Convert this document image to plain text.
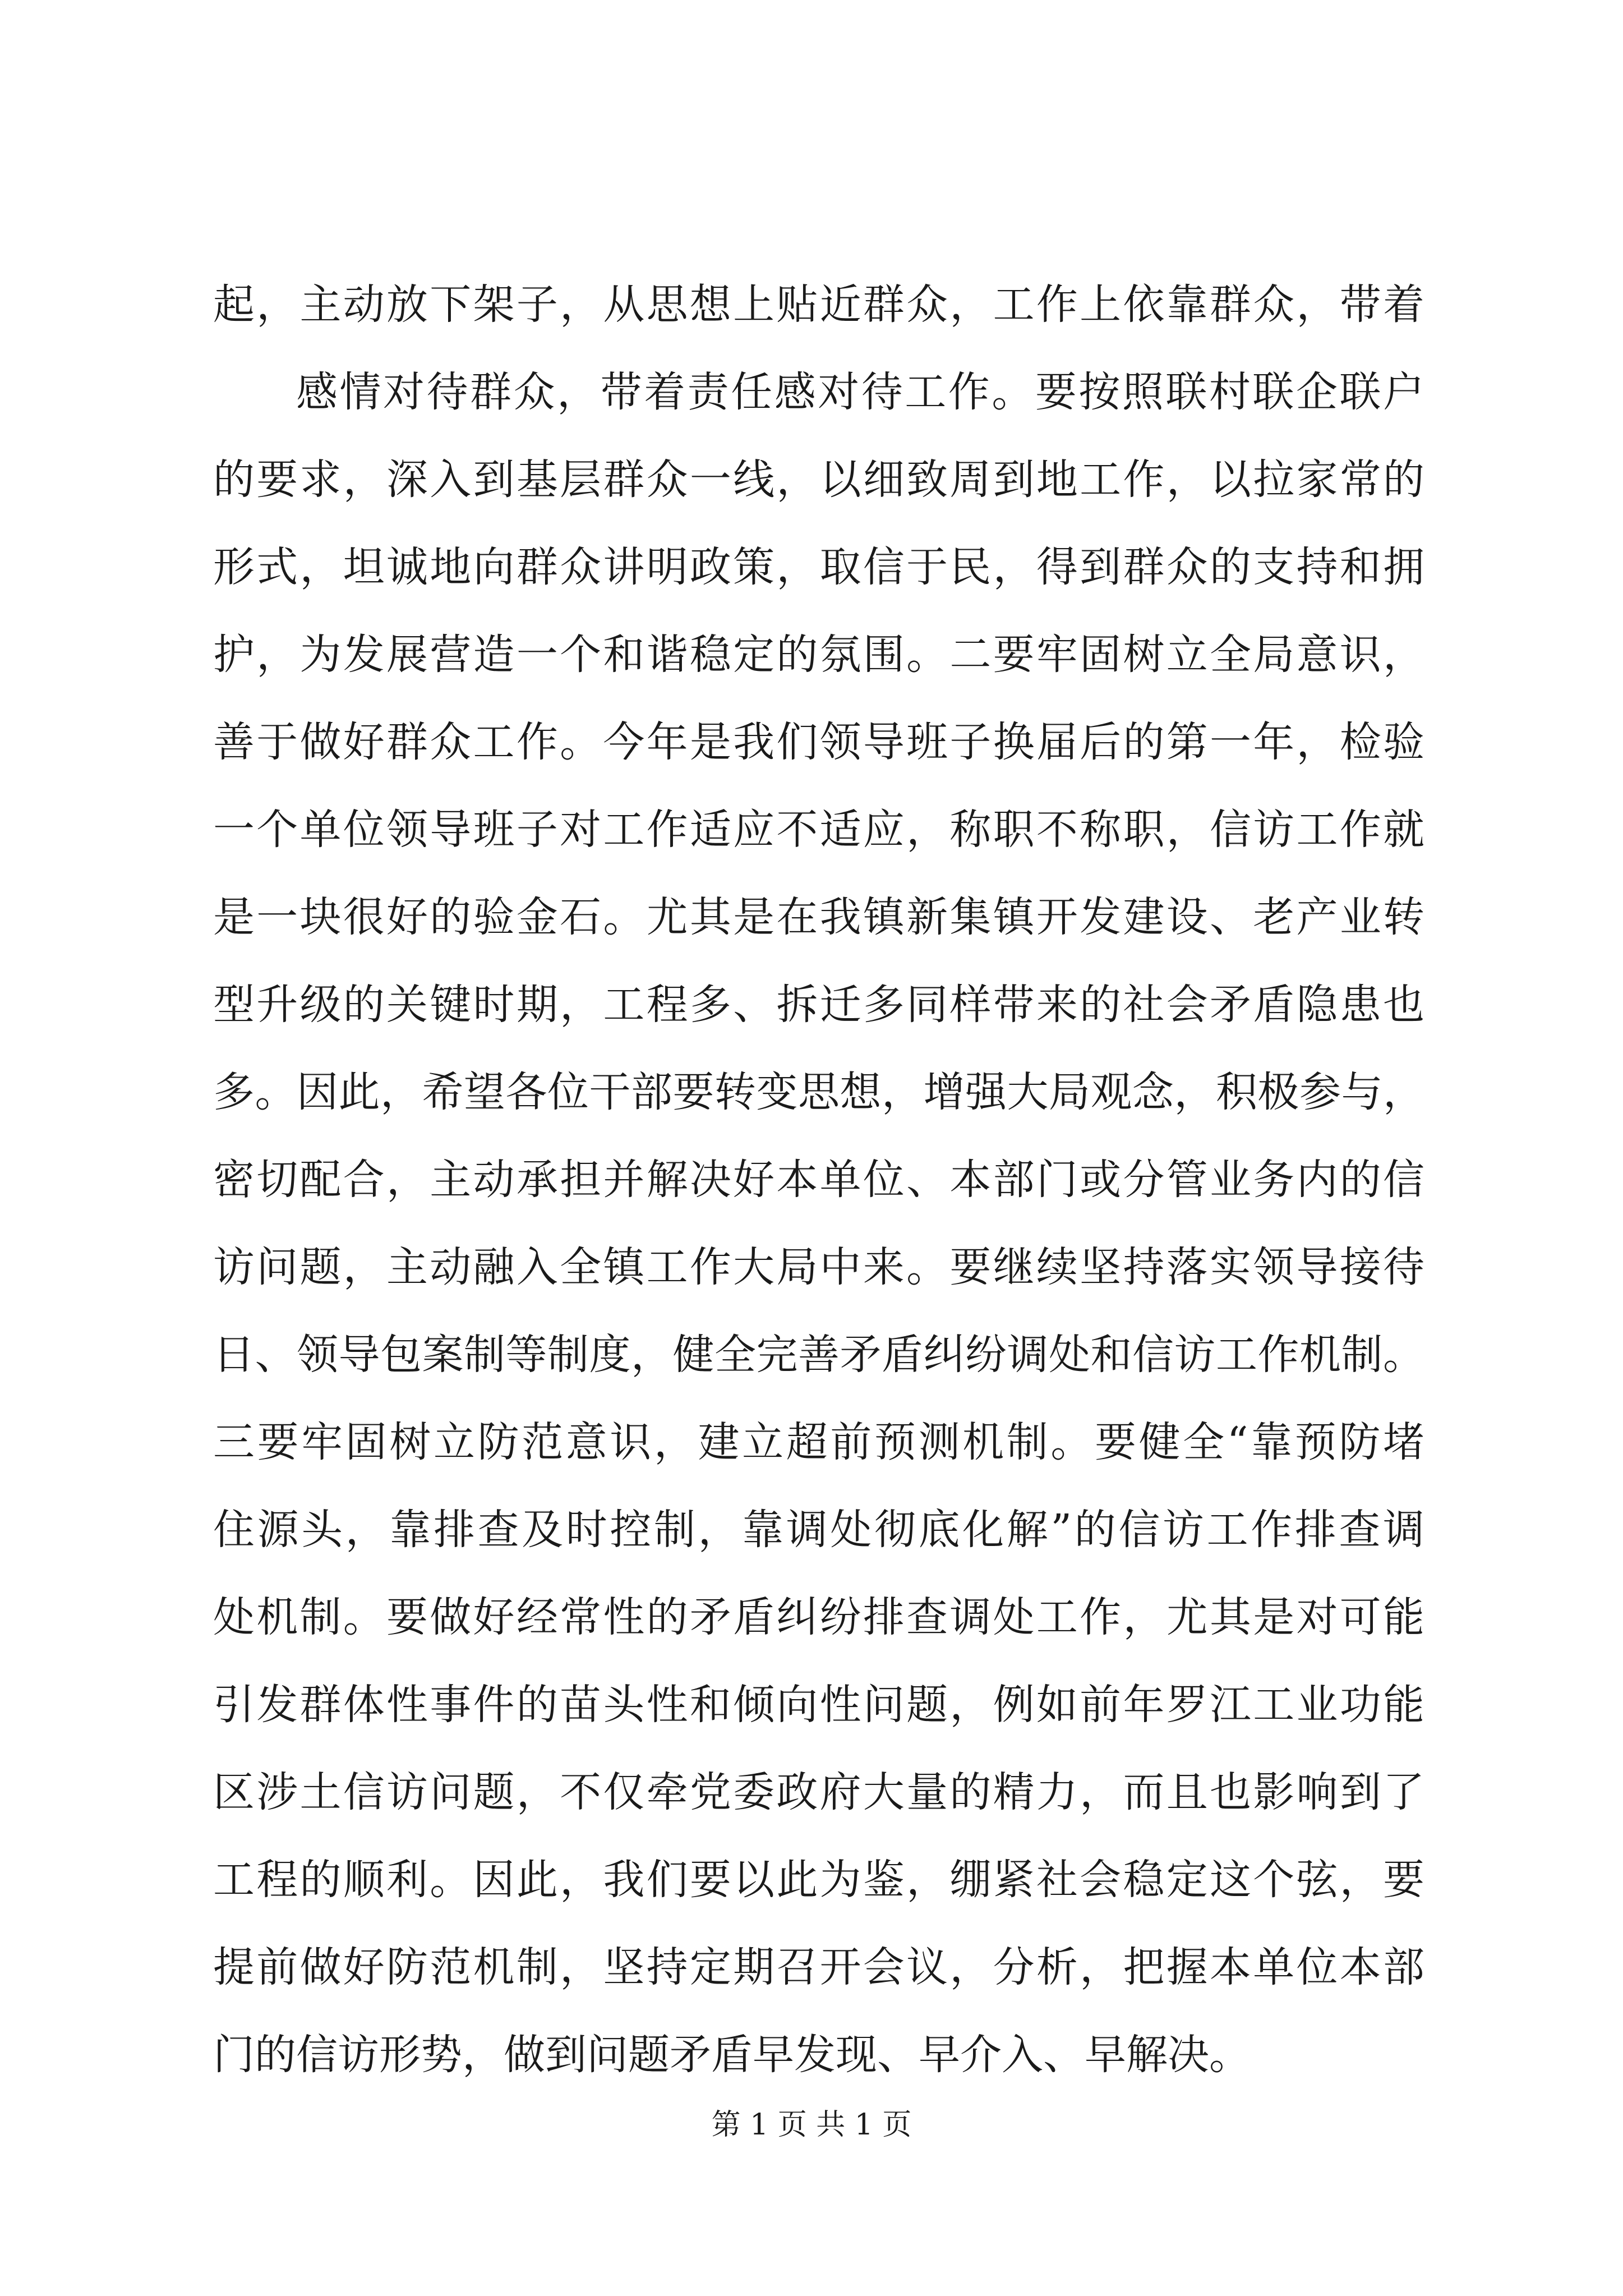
起，主动放下架子，从思想上贴近群众，工作上依靠群众，带着
感情对待群众，带着责任感对待工作。要按照联村联企联户
的要求，深入到基层群众一线，以细致周到地工作，以拉家常的
形式，坦诚地向群众讲明政策，取信于民，得到群众的支持和拥
护，为发展营造一个和谐稳定的氛围。二要牢固树立全局意识，
善于做好群众工作。今年是我们领导班子换届后的第一年，检验
一个单位领导班子对工作适应不适应，称职不称职，信访工作就
是一块很好的验金石。尤其是在我镇新集镇开发建设、老产业转
型升级的关键时期，工程多、拆迁多同样带来的社会矛盾隐患也
多。因此，希望各位干部要转变思想，增强大局观念，积极参与，
密切配合，主动承担并解决好本单位、本部门或分管业务内的信
访问题，主动融入全镇工作大局中来。要继续坚持落实领导接待
日、领导包案制等制度，健全完善矛盾纠纷调处和信访工作机制。
三要牢固树立防范意识，建立超前预测机制。要健全“靠预防堵
住源头，靠排查及时控制，靠调处彻底化解”的信访工作排查调
处机制。要做好经常性的矛盾纠纷排查调处工作，尤其是对可能
引发群体性事件的苗头性和倾向性问题，例如前年罗江工业功能
区涉土信访问题，不仅牵党委政府大量的精力，而且也影响到了
工程的顺利。因此，我们要以此为鉴，绷紧社会稳定这个弦，要
提前做好防范机制，坚持定期召开会议，分析，把握本单位本部
门的信访形势，做到问题矛盾早发现、早介入、早解决。
第 1 页 共 1 页
